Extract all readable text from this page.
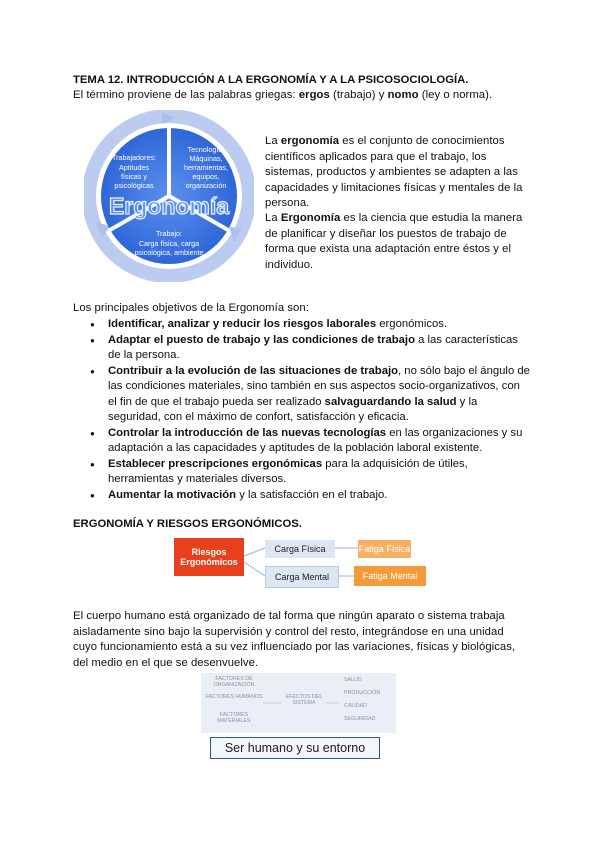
TEMA 12. INTRODUCCIÓN A LA ERGONOMÍA Y A LA PSICOSOCIOLOGÍA.
El término proviene de las palabras griegas: ergos (trabajo) y nomo (ley o norma).
Tecnología:
Máquinas,
herramientas,
equipos,
organización
Trabajadores:
Aptitudes
físicas y
psicológicas
Trabajo:
Carga física, carga
psicológica, ambiente
Ergonomía
La ergonomía es el conjunto de conocimientos científicos aplicados para que el trabajo, los sistemas, productos y ambientes se adapten a las capacidades y limitaciones físicas y mentales de la persona.
La Ergonomía es la ciencia que estudia la manera de planificar y diseñar los puestos de trabajo de forma que exista una adaptación entre éstos y el individuo.
Los principales objetivos de la Ergonomía son:
● Identificar, analizar y reducir los riesgos laborales ergonómicos.
● Adaptar el puesto de trabajo y las condiciones de trabajo a las características de la persona.
● Contribuir a la evolución de las situaciones de trabajo, no sólo bajo el ángulo de las condiciones materiales, sino también en sus aspectos socio-organizativos, con el fin de que el trabajo pueda ser realizado salvaguardando la salud y la seguridad, con el máximo de confort, satisfacción y eficacia.
● Controlar la introducción de las nuevas tecnologías en las organizaciones y su adaptación a las capacidades y aptitudes de la población laboral existente.
● Establecer prescripciones ergonómicas para la adquisición de útiles, herramientas y materiales diversos.
● Aumentar la motivación y la satisfacción en el trabajo.
ERGONOMÍA Y RIESGOS ERGONÓMICOS.
Riesgos Ergonómicos
Carga Física
Carga Mental
Fatiga Física
Fatiga Mental
El cuerpo humano está organizado de tal forma que ningún aparato o sistema trabaja aisladamente sino bajo la supervisión y control del resto, integrándose en una unidad cuyo funcionamiento está a su vez influenciado por las variaciones, físicas y biológicas, del medio en el que se desenvuelve.
FACTORES DE ORGANIZACIÓN
FACTORES HUMANOS
FACTORES MATERIALES
EFECTOS DEL SISTEMA
SALUD
PRODUCCIÓN
CALIDAD
SEGURIDAD
Ser humano y su entorno
